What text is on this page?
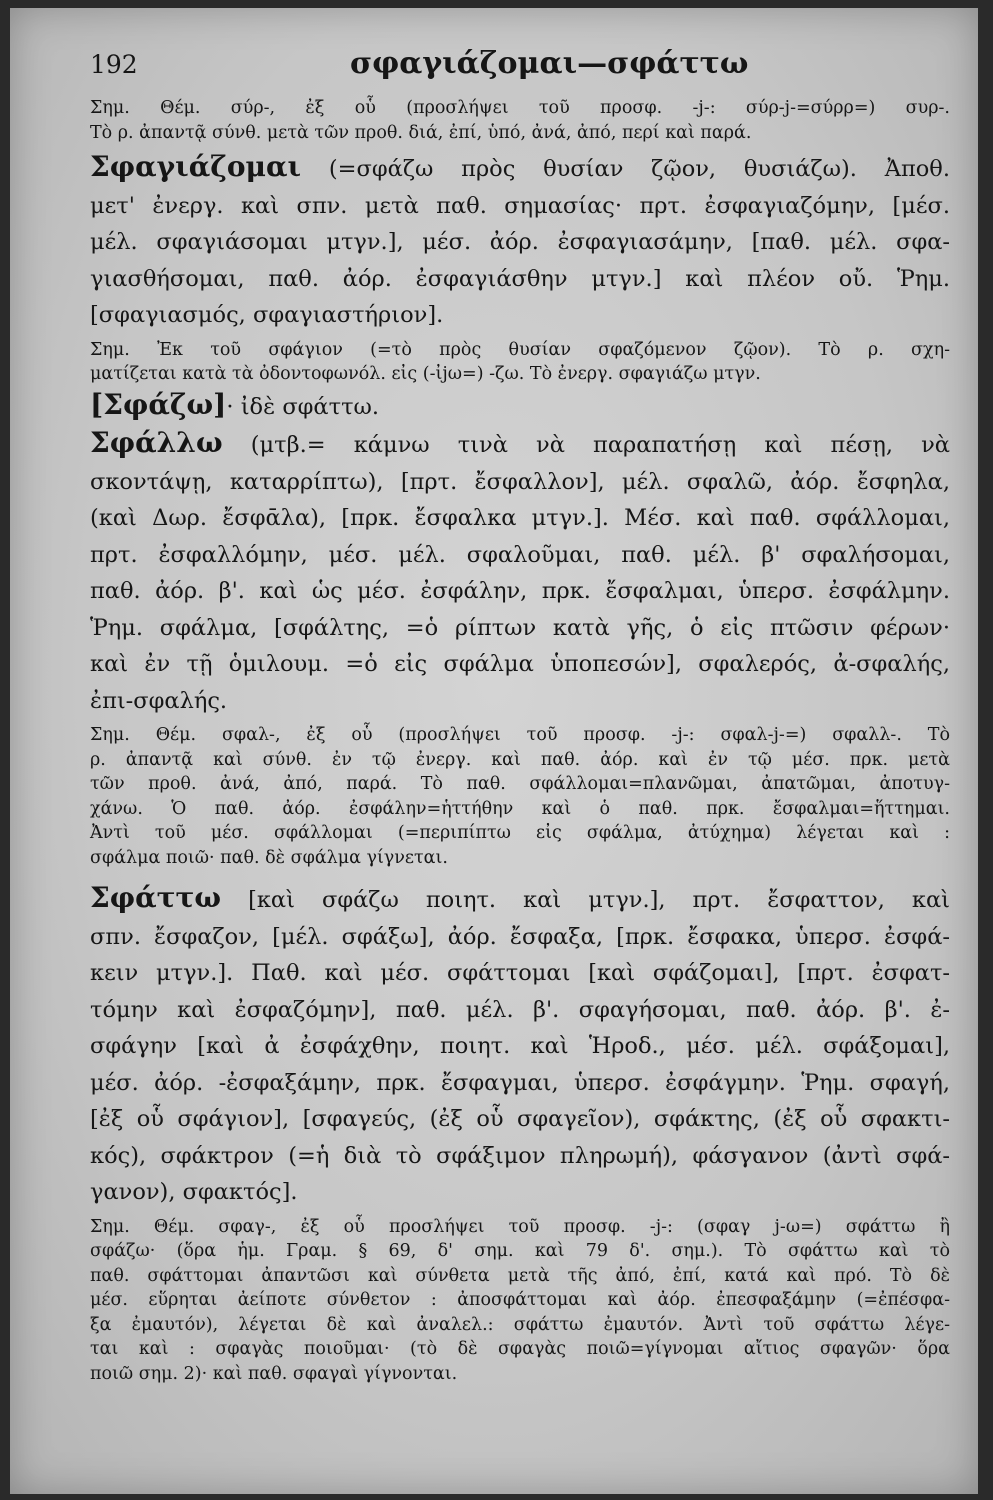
192	σφαγιάζομαι—σφάττω

Σημ. Θέμ. σύρ-, ἐξ οὗ (προσλήψει τοῦ προσφ. -j-: σύρ-j-=σύρρ=) συρ-.

Τὸ ρ. ἀπαντᾷ σύνθ. μετὰ τῶν προθ. διά, ἐπί, ὑπό, ἀνά, ἀπό, περί καὶ παρά.

Σφαγιάζομαι (=σφάζω πρὸς θυσίαν ζῷον, θυσιάζω). Ἀποθ.

μετ' ἐνεργ. καὶ σπν. μετὰ παθ. σημασίας· πρτ. ἐσφαγιαζόμην, [μέσ.

μέλ. σφαγιάσομαι μτγν.], μέσ. ἀόρ. ἐσφαγιασάμην, [παθ. μέλ. σφα-

γιασθήσομαι, παθ. ἀόρ. ἐσφαγιάσθην μτγν.] καὶ πλέον οὔ. Ῥημ.

[σφαγιασμός, σφαγιαστήριον].

Σημ. Ἐκ τοῦ σφάγιον (=τὸ πρὸς θυσίαν σφαζόμενον ζῷον). Τὸ ρ. σχη-

ματίζεται κατὰ τὰ ὀδοντοφωνόλ. εἰς (-ἰjω=) -ζω. Τὸ ἐνεργ. σφαγιάζω μτγν.

[Σφάζω]· ἰδὲ σφάττω.

Σφάλλω (μτβ.= κάμνω τινὰ νὰ παραπατήσῃ καὶ πέσῃ, νὰ

σκοντάψῃ, καταρρίπτω), [πρτ. ἔσφαλλον], μέλ. σφαλῶ, ἀόρ. ἔσφηλα,

(καὶ Δωρ. ἔσφᾱλα), [πρκ. ἔσφαλκα μτγν.]. Μέσ. καὶ παθ. σφάλλομαι,

πρτ. ἐσφαλλόμην, μέσ. μέλ. σφαλοῦμαι, παθ. μέλ. β' σφαλήσομαι,

παθ. ἀόρ. β'. καὶ ὡς μέσ. ἐσφάλην, πρκ. ἔσφαλμαι, ὑπερσ. ἐσφάλμην.

Ῥημ. σφάλμα, [σφάλτης, =ὁ ρίπτων κατὰ γῆς, ὁ εἰς πτῶσιν φέρων·

καὶ ἐν τῇ ὁμιλουμ. =ὁ εἰς σφάλμα ὑποπεσών], σφαλερός, ἀ-σφαλής,

ἐπι-σφαλής.

Σημ. Θέμ. σφαλ-, ἐξ οὗ (προσλήψει τοῦ προσφ. -j-: σφαλ-j-=) σφαλλ-. Τὸ

ρ. ἀπαντᾷ καὶ σύνθ. ἐν τῷ ἐνεργ. καὶ παθ. ἀόρ. καὶ ἐν τῷ μέσ. πρκ. μετὰ

τῶν προθ. ἀνά, ἀπό, παρά. Τὸ παθ. σφάλλομαι=πλανῶμαι, ἀπατῶμαι, ἀποτυγ-

χάνω. Ὁ παθ. ἀόρ. ἐσφάλην=ἡττήθην καὶ ὁ παθ. πρκ. ἔσφαλμαι=ἥττημαι.

Ἀντὶ τοῦ μέσ. σφάλλομαι (=περιπίπτω εἰς σφάλμα, ἀτύχημα) λέγεται καὶ :

σφάλμα ποιῶ· παθ. δὲ σφάλμα γίγνεται.

Σφάττω [καὶ σφάζω ποιητ. καὶ μτγν.], πρτ. ἔσφαττον, καὶ

σπν. ἔσφαζον, [μέλ. σφάξω], ἀόρ. ἔσφαξα, [πρκ. ἔσφακα, ὑπερσ. ἐσφά-

κειν μτγν.]. Παθ. καὶ μέσ. σφάττομαι [καὶ σφάζομαι], [πρτ. ἐσφατ-

τόμην καὶ ἐσφαζόμην], παθ. μέλ. β'. σφαγήσομαι, παθ. ἀόρ. β'. ἐ-

σφάγην [καὶ ἀ ἐσφάχθην, ποιητ. καὶ Ἡροδ., μέσ. μέλ. σφάξομαι],

μέσ. ἀόρ. -ἐσφαξάμην, πρκ. ἔσφαγμαι, ὑπερσ. ἐσφάγμην. Ῥημ. σφαγή,

[ἐξ οὗ σφάγιον], [σφαγεύς, (ἐξ οὗ σφαγεῖον), σφάκτης, (ἐξ οὗ σφακτι-

κός), σφάκτρον (=ἡ διὰ τὸ σφάξιμον πληρωμή), φάσγανον (ἀντὶ σφά-

γανον), σφακτός].

Σημ. Θέμ. σφαγ-, ἐξ οὗ προσλήψει τοῦ προσφ. -j-: (σφαγ j-ω=) σφάττω ἢ

σφάζω· (ὅρα ἡμ. Γραμ. § 69, δ' σημ. καὶ 79 δ'. σημ.). Τὸ σφάττω καὶ τὸ

παθ. σφάττομαι ἀπαντῶσι καὶ σύνθετα μετὰ τῆς ἀπό, ἐπί, κατά καὶ πρό. Τὸ δὲ

μέσ. εὕρηται ἀείποτε σύνθετον : ἀποσφάττομαι καὶ ἀόρ. ἐπεσφαξάμην (=ἐπέσφα-

ξα ἐμαυτόν), λέγεται δὲ καὶ ἀναλελ.: σφάττω ἐμαυτόν. Ἀντὶ τοῦ σφάττω λέγε-

ται καὶ : σφαγὰς ποιοῦμαι· (τὸ δὲ σφαγὰς ποιῶ=γίγνομαι αἴτιος σφαγῶν· ὅρα

ποιῶ σημ. 2)· καὶ παθ. σφαγαὶ γίγνονται.
